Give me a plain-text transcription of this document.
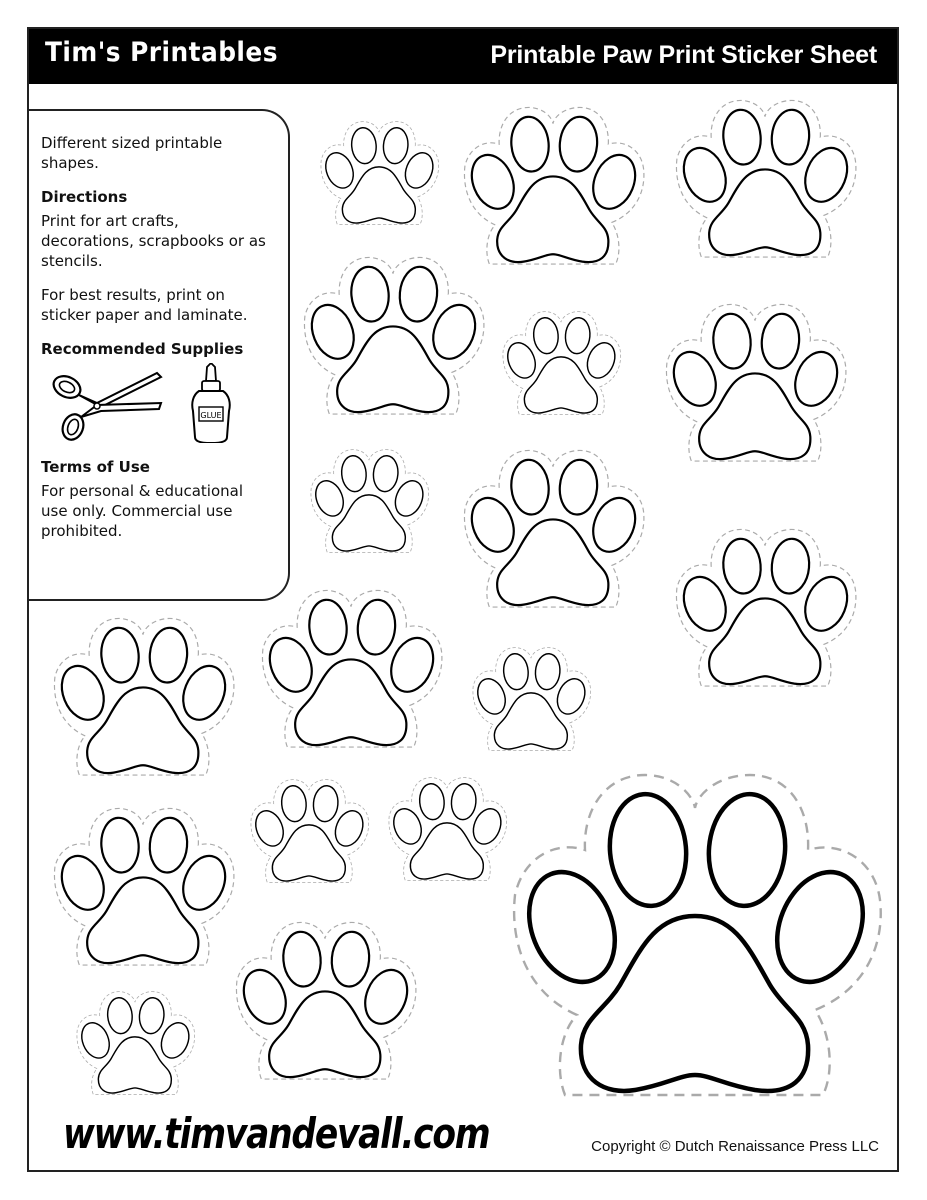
Tim's Printables	Printable Paw Print Sticker Sheet

Different sized printable shapes.

Directions

Print for art crafts, decorations, scrapbooks or as stencils.

For best results, print on sticker paper and laminate.

Recommended Supplies
GLUE
Terms of Use

For personal & educational use only. Commercial use prohibited.

www.timvandevall.com	Copyright © Dutch Renaissance Press LLC
